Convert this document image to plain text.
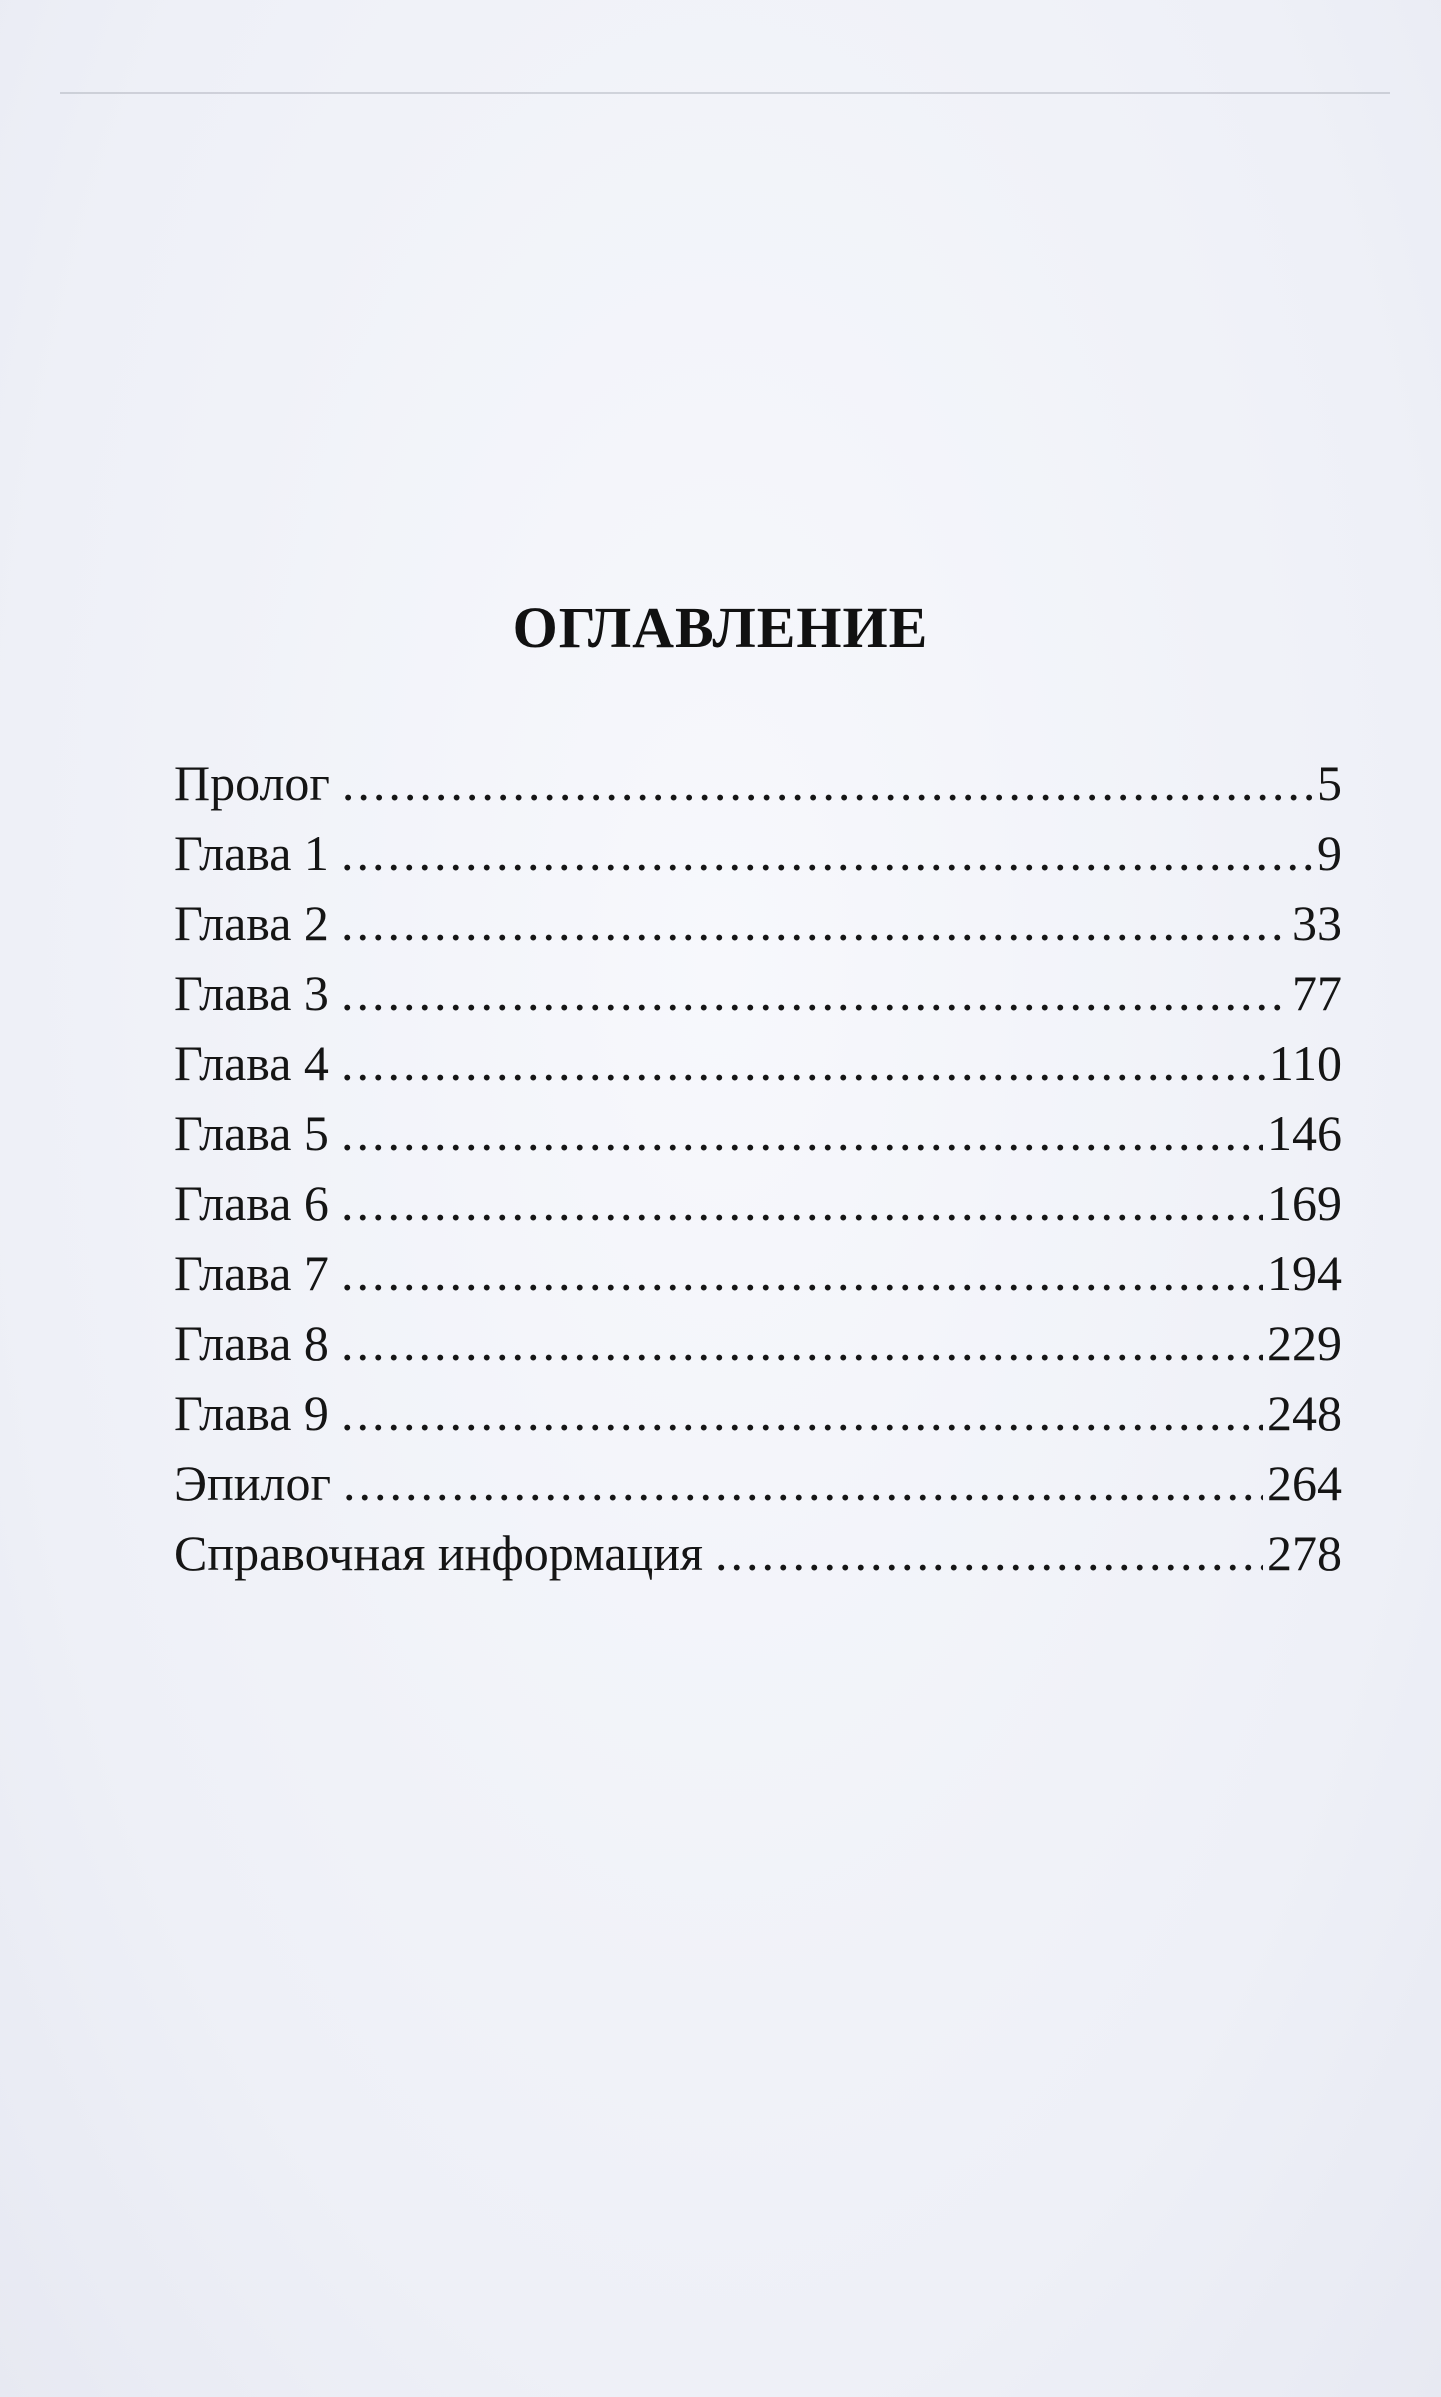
ОГЛАВЛЕНИЕ
Пролог .....	5
Глава 1 .....	9
Глава 2 .....	33
Глава 3 .....	77
Глава 4 .....	110
Глава 5 .....	146
Глава 6 .....	169
Глава 7 .....	194
Глава 8 .....	229
Глава 9 .....	248
Эпилог .....	264
Справочная информация .....	278
